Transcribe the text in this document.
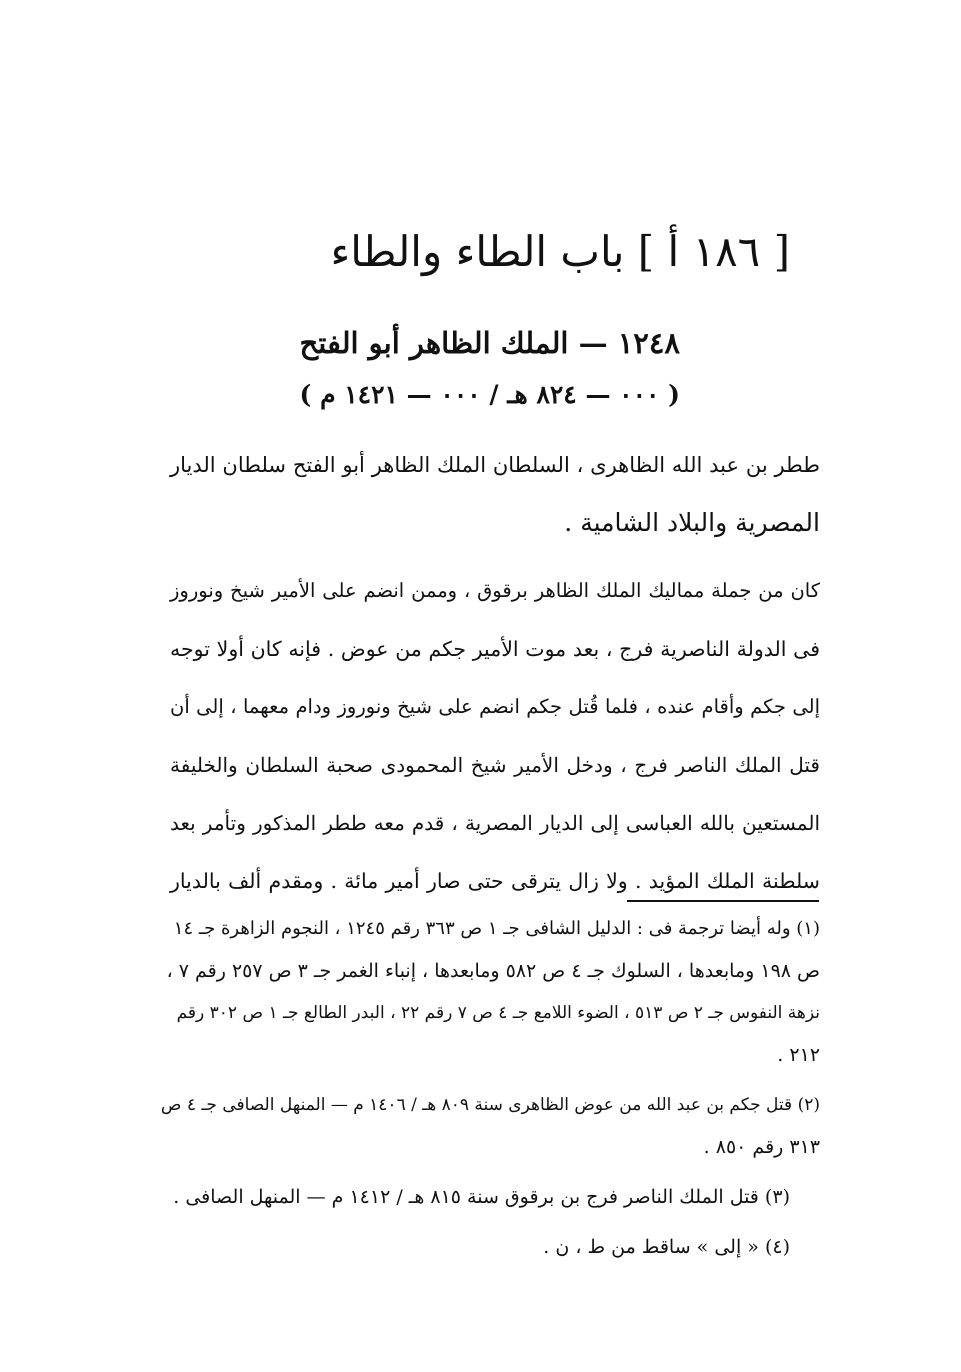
[ ١٨٦ أ ] باب الطاء والطاء
١٢٤٨ — الملك الظاهر أبو الفتح
( ٠٠٠ — ٨٢٤ هـ / ٠٠٠ — ١٤٢١ م )
ططر بن عبد الله الظاهرى ، السلطان الملك الظاهر أبو الفتح سلطان الديار
المصرية والبلاد الشامية .
كان من جملة مماليك الملك الظاهر برقوق ، وممن انضم على الأمير شيخ ونوروز
فى الدولة الناصرية فرج ، بعد موت الأمير جكم من عوض . فإنه كان أولا توجه
إلى جكم وأقام عنده ، فلما قُتل جكم انضم على شيخ ونوروز ودام معهما ، إلى أن
قتل الملك الناصر فرج ، ودخل الأمير شيخ المحمودى صحبة السلطان والخليفة
المستعين بالله العباسى إلى الديار المصرية ، قدم معه ططر المذكور وتأمر بعد
سلطنة الملك المؤيد . ولا زال يترقى حتى صار أمير مائة . ومقدم ألف بالديار
(١) وله أيضا ترجمة فى : الدليل الشافى جـ ١ ص ٣٦٣ رقم ١٢٤٥ ، النجوم الزاهرة جـ ١٤
ص ١٩٨ ومابعدها ، السلوك جـ ٤ ص ٥٨٢ ومابعدها ، إنباء الغمر جـ ٣ ص ٢٥٧ رقم ٧ ،
نزهة النفوس جـ ٢ ص ٥١٣ ، الضوء اللامع جـ ٤ ص ٧ رقم ٢٢ ، البدر الطالع جـ ١ ص ٣٠٢ رقم
٢١٢ .
(٢) قتل جكم بن عبد الله من عوض الظاهرى سنة ٨٠٩ هـ / ١٤٠٦ م — المنهل الصافى جـ ٤ ص
٣١٣ رقم ٨٥٠ .
(٣) قتل الملك الناصر فرج بن برقوق سنة ٨١٥ هـ / ١٤١٢ م — المنهل الصافى .
(٤) « إلى » ساقط من ط ، ن .
